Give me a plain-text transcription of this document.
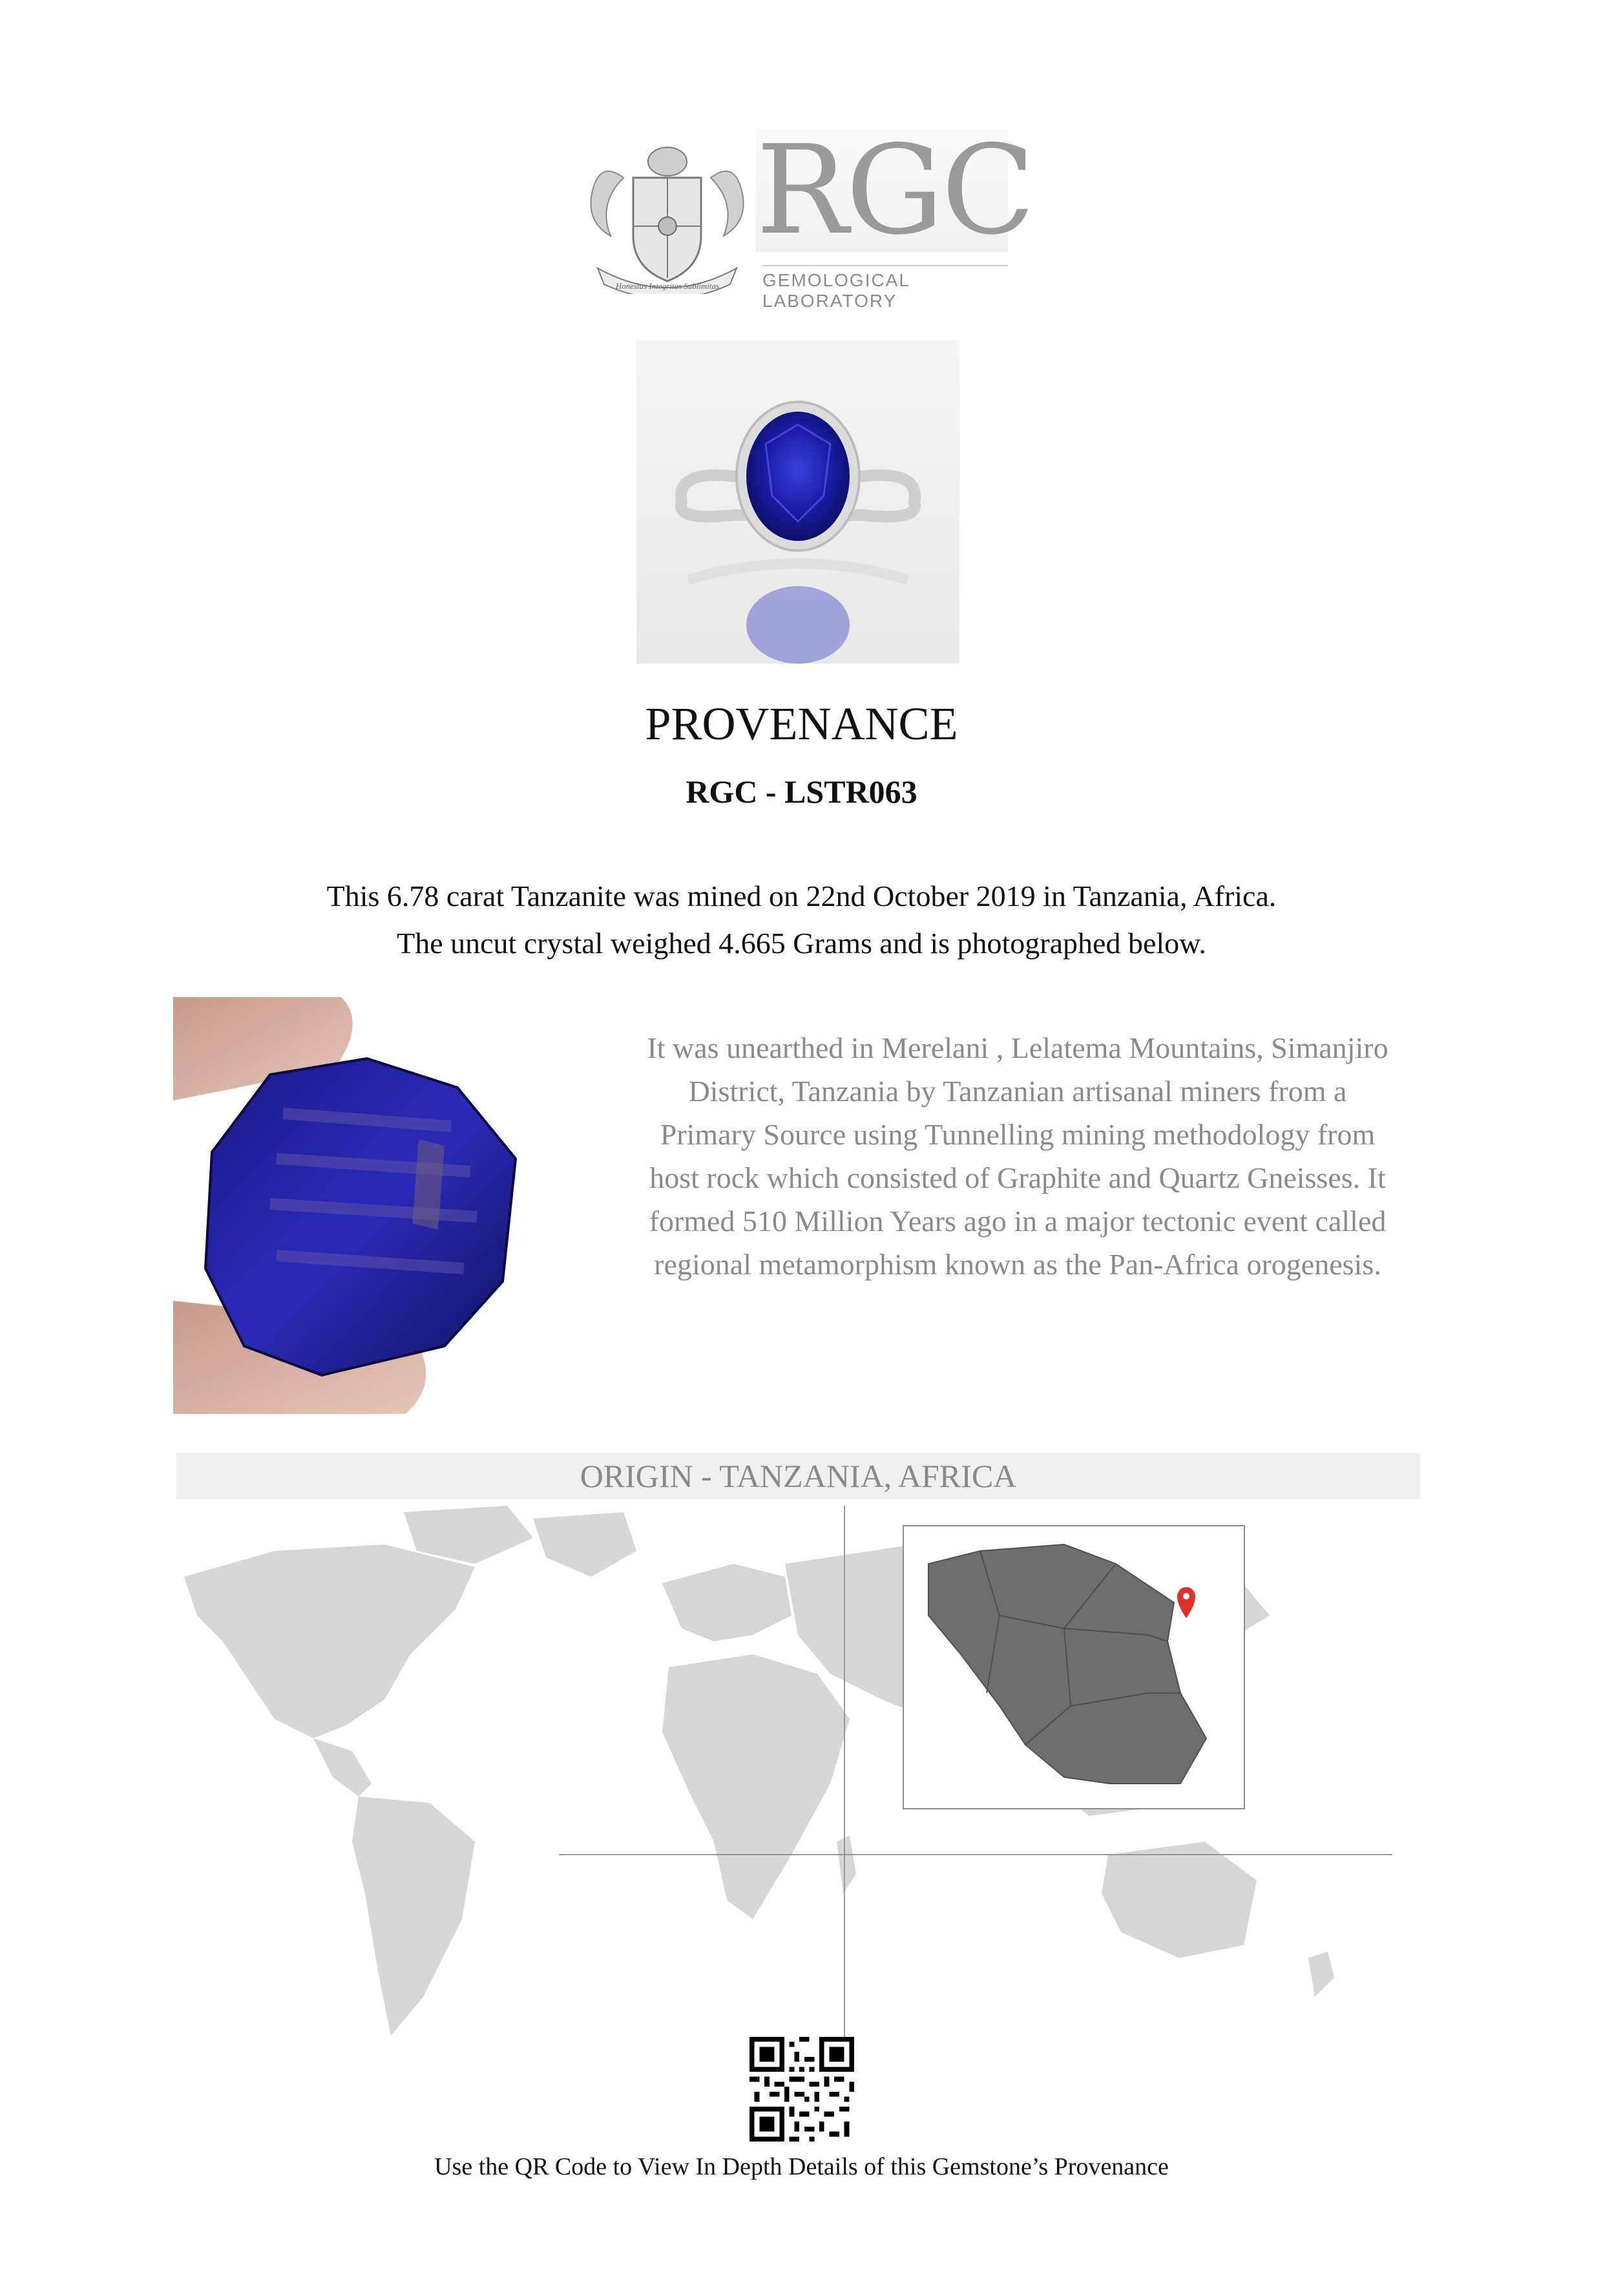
Honestas Integritas Sublimitas
RGC
GEMOLOGICAL LABORATORY
PROVENANCE
RGC - LSTR063
This 6.78 carat Tanzanite was mined on 22nd October 2019 in Tanzania, Africa.
The uncut crystal weighed 4.665 Grams and is photographed below.
It was unearthed in Merelani , Lelatema Mountains, Simanjiro District, Tanzania by Tanzanian artisanal miners from a Primary Source using Tunnelling mining methodology from host rock which consisted of Graphite and Quartz Gneisses. It formed 510 Million Years ago in a major tectonic event called regional metamorphism known as the Pan-Africa orogenesis.
ORIGIN - TANZANIA, AFRICA
Use the QR Code to View In Depth Details of this Gemstone’s Provenance
